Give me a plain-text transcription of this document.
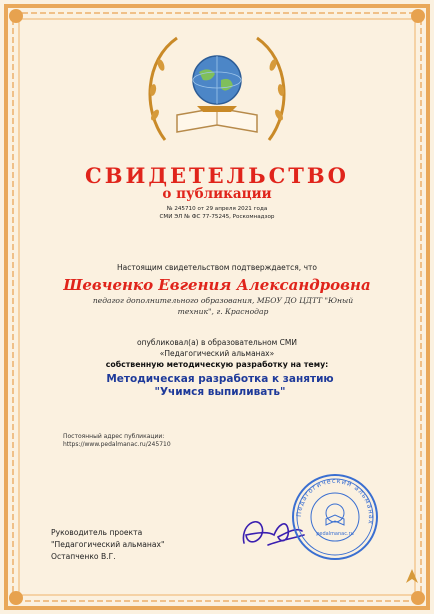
СВИДЕТЕЛЬСТВО
о публикации
№ 245710 от 29 апреля 2021 года
СМИ ЭЛ № ФС 77-75245, Роскомнадзор
Настоящим свидетельством подтверждается, что
Шевченко Евгения Александровна
педагог дополнительного образования, МБОУ ДО ЦДТТ "Юный техник", г. Краснодар
опубликовал(а) в образовательном СМИ
«Педагогический альманах»
собственную методическую разработку на тему:
Методическая разработка к занятию "Учимся выпиливать"
Постоянный адрес публикации:
https://www.pedalmanac.ru/245710
Руководитель проекта
"Педагогический альманах"
Остапченко В.Г.
Педагогический альманах
pedalmanac.ru
